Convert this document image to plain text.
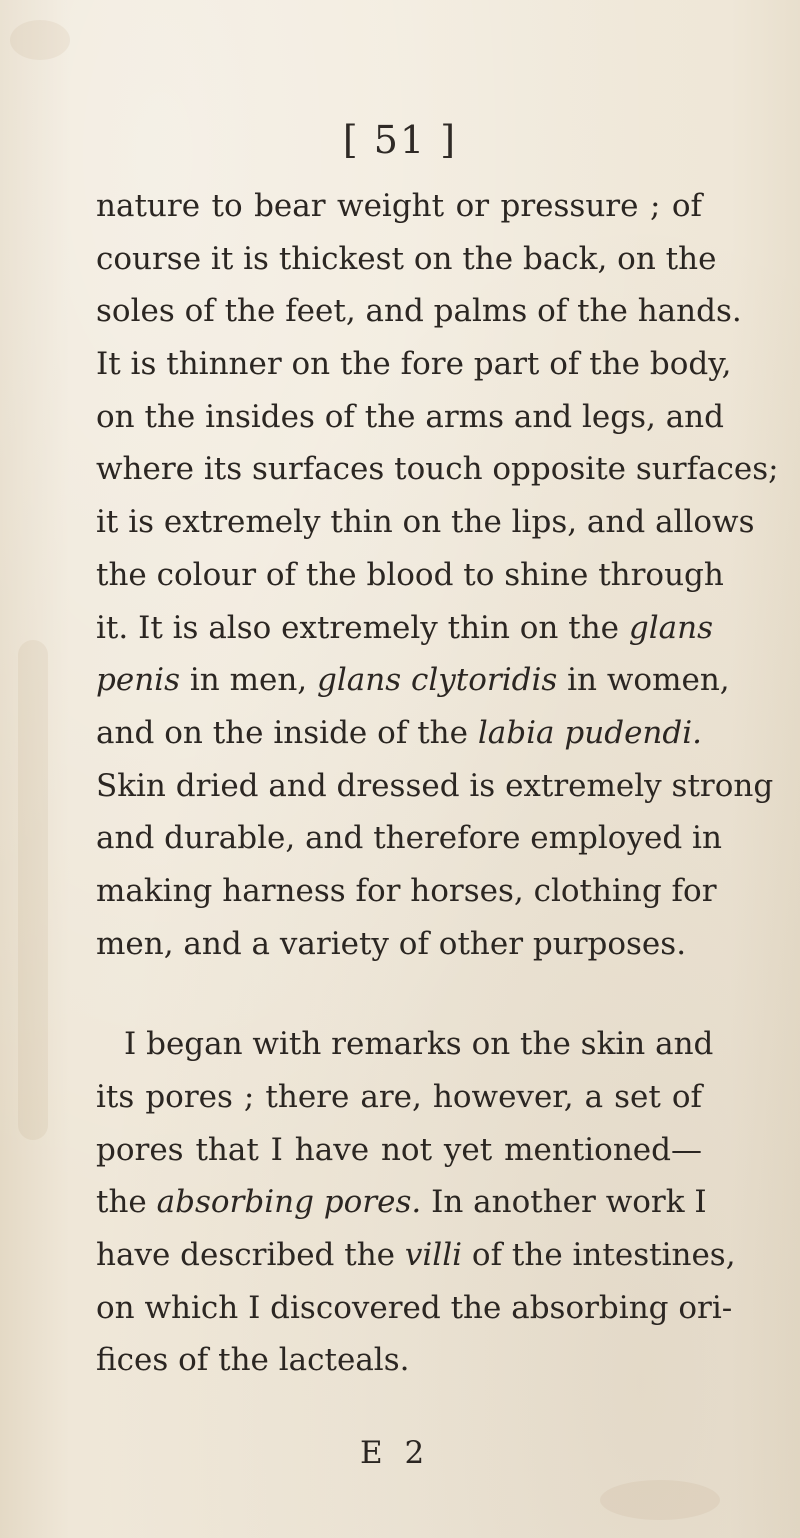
[ 51 ]
nature to bear weight or pressure ; of
course it is thickest on the back, on the
soles of the feet, and palms of the hands.
It is thinner on the fore part of the body,
on the insides of the arms and legs, and
where its surfaces touch opposite surfaces;
it is extremely thin on the lips, and allows
the colour of the blood to shine through
it. It is also extremely thin on the glans
penis in men, glans clytoridis in women,
and on the inside of the labia pudendi.
Skin dried and dressed is extremely strong
and durable, and therefore employed in
making harness for horses, clothing for
men, and a variety of other purposes.
I began with remarks on the skin and
its pores ; there are, however, a set of
pores that I have not yet mentioned—
the absorbing pores. In another work I
have described the villi of the intestines,
on which I discovered the absorbing ori-
fices of the lacteals.
E 2
